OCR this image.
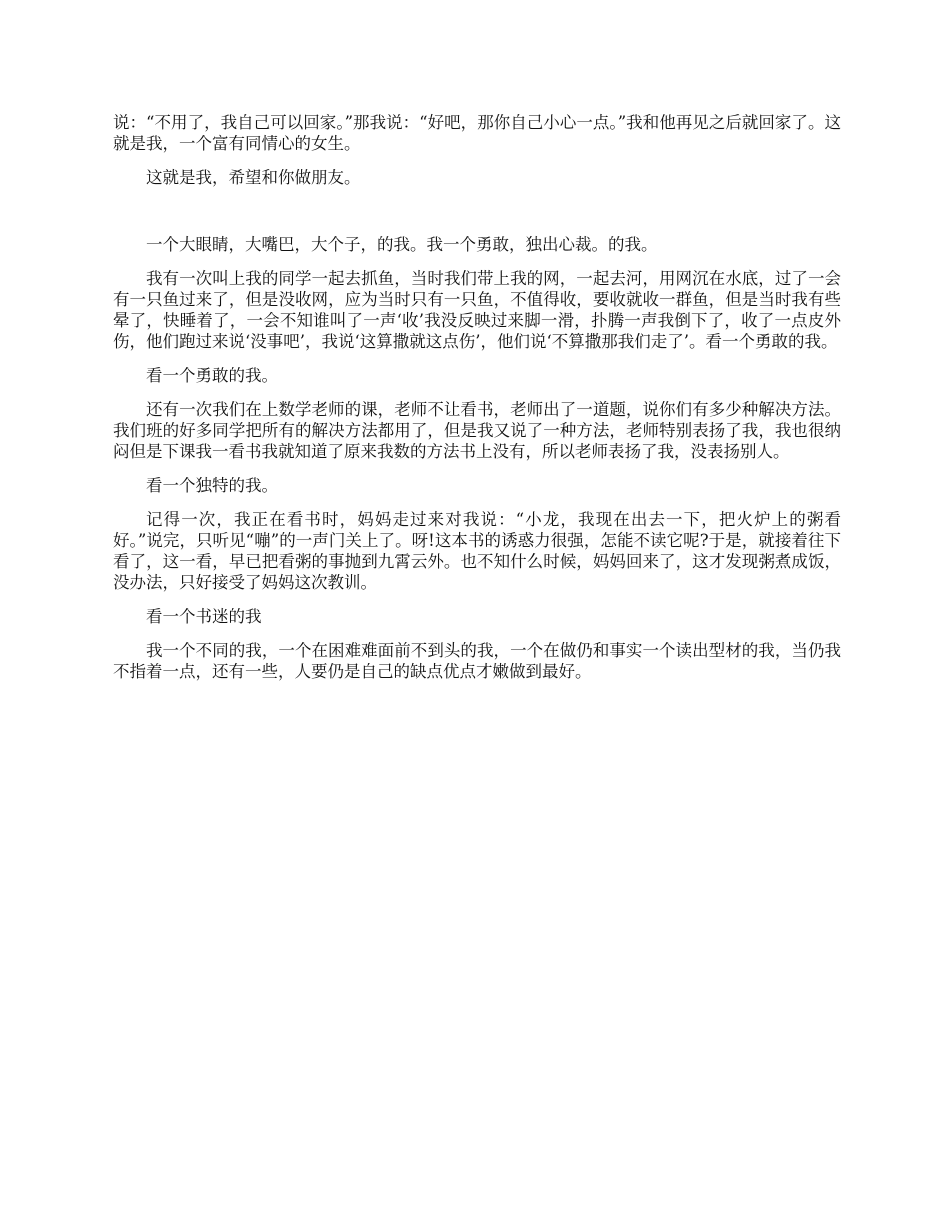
说：“不用了，我自己可以回家。”那我说：“好吧，那你自己小心一点。”我和他再见之后就回家了。这就是我，一个富有同情心的女生。

这就是我，希望和你做朋友。

一个大眼睛，大嘴巴，大个子，的我。我一个勇敢，独出心裁。的我。

我有一次叫上我的同学一起去抓鱼，当时我们带上我的网，一起去河，用网沉在水底，过了一会有一只鱼过来了，但是没收网，应为当时只有一只鱼，不值得收，要收就收一群鱼，但是当时我有些晕了，快睡着了，一会不知谁叫了一声‘收’我没反映过来脚一滑，扑腾一声我倒下了，收了一点皮外伤，他们跑过来说‘没事吧’，我说‘这算撒就这点伤’，他们说‘不算撒那我们走了’。看一个勇敢的我。

看一个勇敢的我。

还有一次我们在上数学老师的课，老师不让看书，老师出了一道题，说你们有多少种解决方法。我们班的好多同学把所有的解决方法都用了，但是我又说了一种方法，老师特别表扬了我，我也很纳闷但是下课我一看书我就知道了原来我数的方法书上没有，所以老师表扬了我，没表扬别人。

看一个独特的我。

记得一次，我正在看书时，妈妈走过来对我说：“小龙，我现在出去一下，把火炉上的粥看好。”说完，只听见“嘣”的一声门关上了。呀!这本书的诱惑力很强，怎能不读它呢?于是，就接着往下看了，这一看，早已把看粥的事抛到九霄云外。也不知什么时候，妈妈回来了，这才发现粥煮成饭，没办法，只好接受了妈妈这次教训。

看一个书迷的我

我一个不同的我，一个在困难难面前不到头的我，一个在做仍和事实一个读出型材的我，当仍我不指着一点，还有一些，人要仍是自己的缺点优点才嫩做到最好。
